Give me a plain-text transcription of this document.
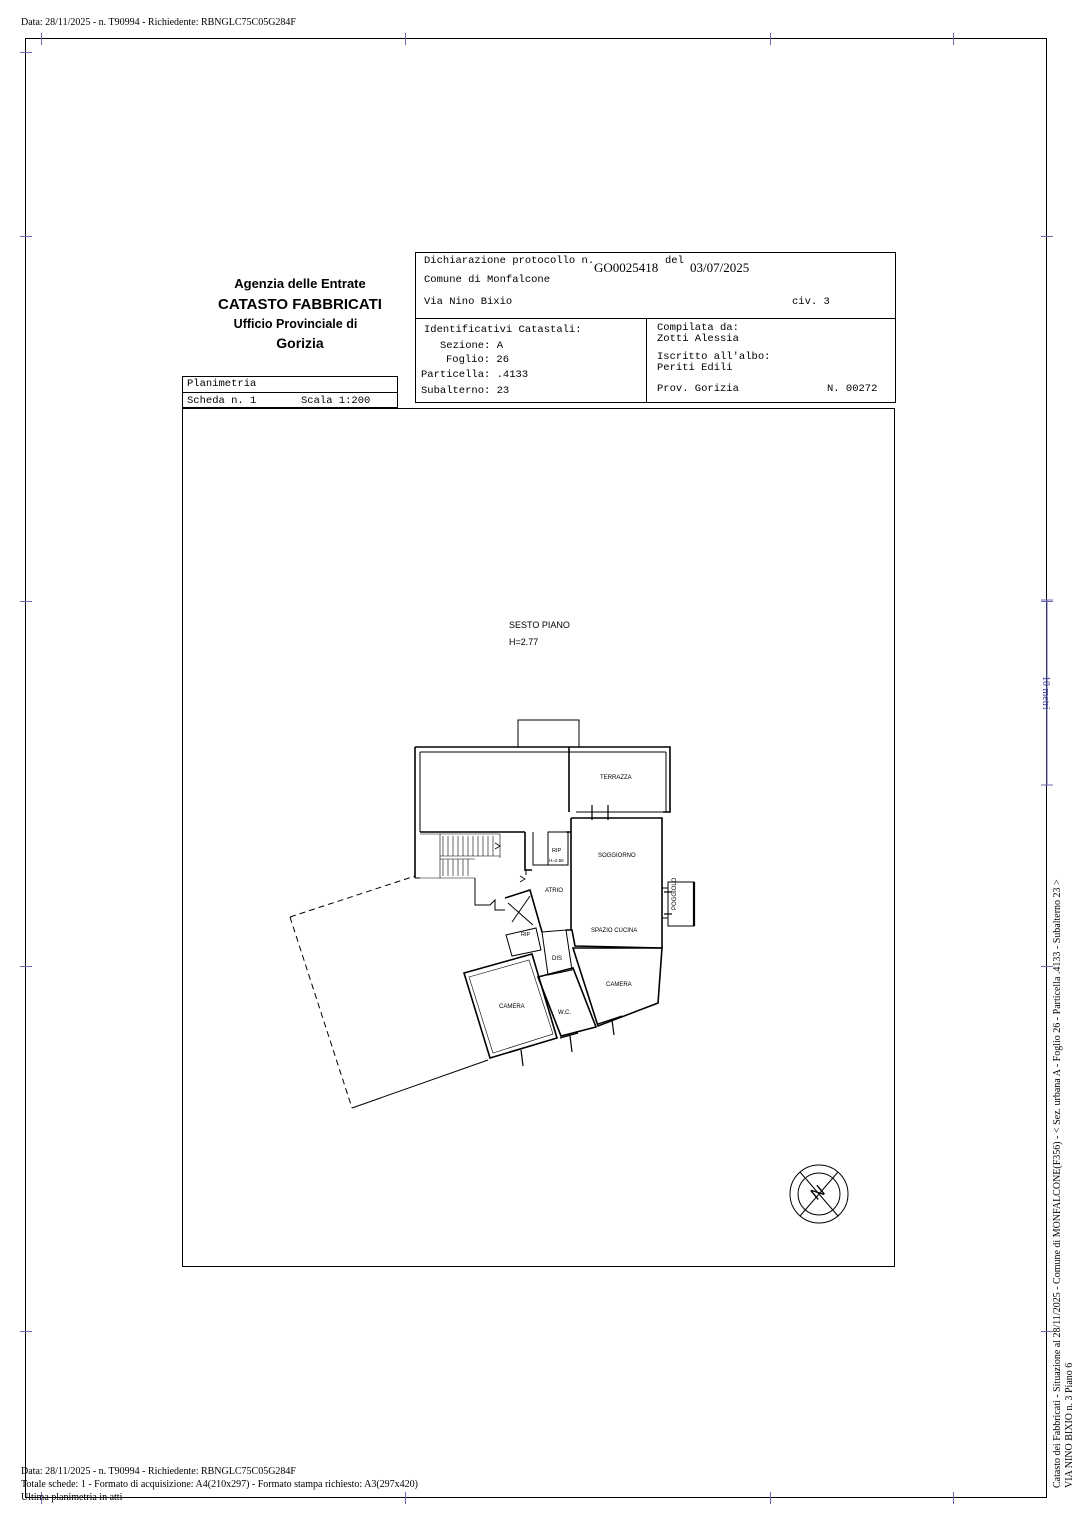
Data: 28/11/2025 - n. T90994 - Richiedente: RBNGLC75C05G284F
Agenzia delle Entrate
CATASTO FABBRICATI
Ufficio Provinciale di
Gorizia
Dichiarazione protocollo n. GO0025418 del 03/07/2025
Comune di Monfalcone
Via Nino Bixio	civ. 3
Identificativi Catastali:
Sezione: A
Foglio: 26
Particella: .4133
Subalterno: 23
Compilata da:
Zotti Alessia
Iscritto all'albo:
Periti Edili
Prov. Gorizia	N. 00272
Planimetria
Scheda n. 1	Scala 1:200
SESTO PIANO
H=2.77
TERRAZZA
SOGGIORNO
RIP
H=2.58
ATRIO
SPAZIO CUCINA
RIP
DIS
CAMERA
CAMERA
W.C.
POGGIOLO
N
10 metri
Catasto dei Fabbricati - Situazione al 28/11/2025 - Comune di MONFALCONE(F356) - < Sez. urbana A - Foglio 26 - Particella .4133 - Subalterno 23 > VIA NINO BIXIO n. 3 Piano 6
Data: 28/11/2025 - n. T90994 - Richiedente: RBNGLC75C05G284F
Totale schede: 1 - Formato di acquisizione: A4(210x297) - Formato stampa richiesto: A3(297x420)
Ultima planimetria in atti
